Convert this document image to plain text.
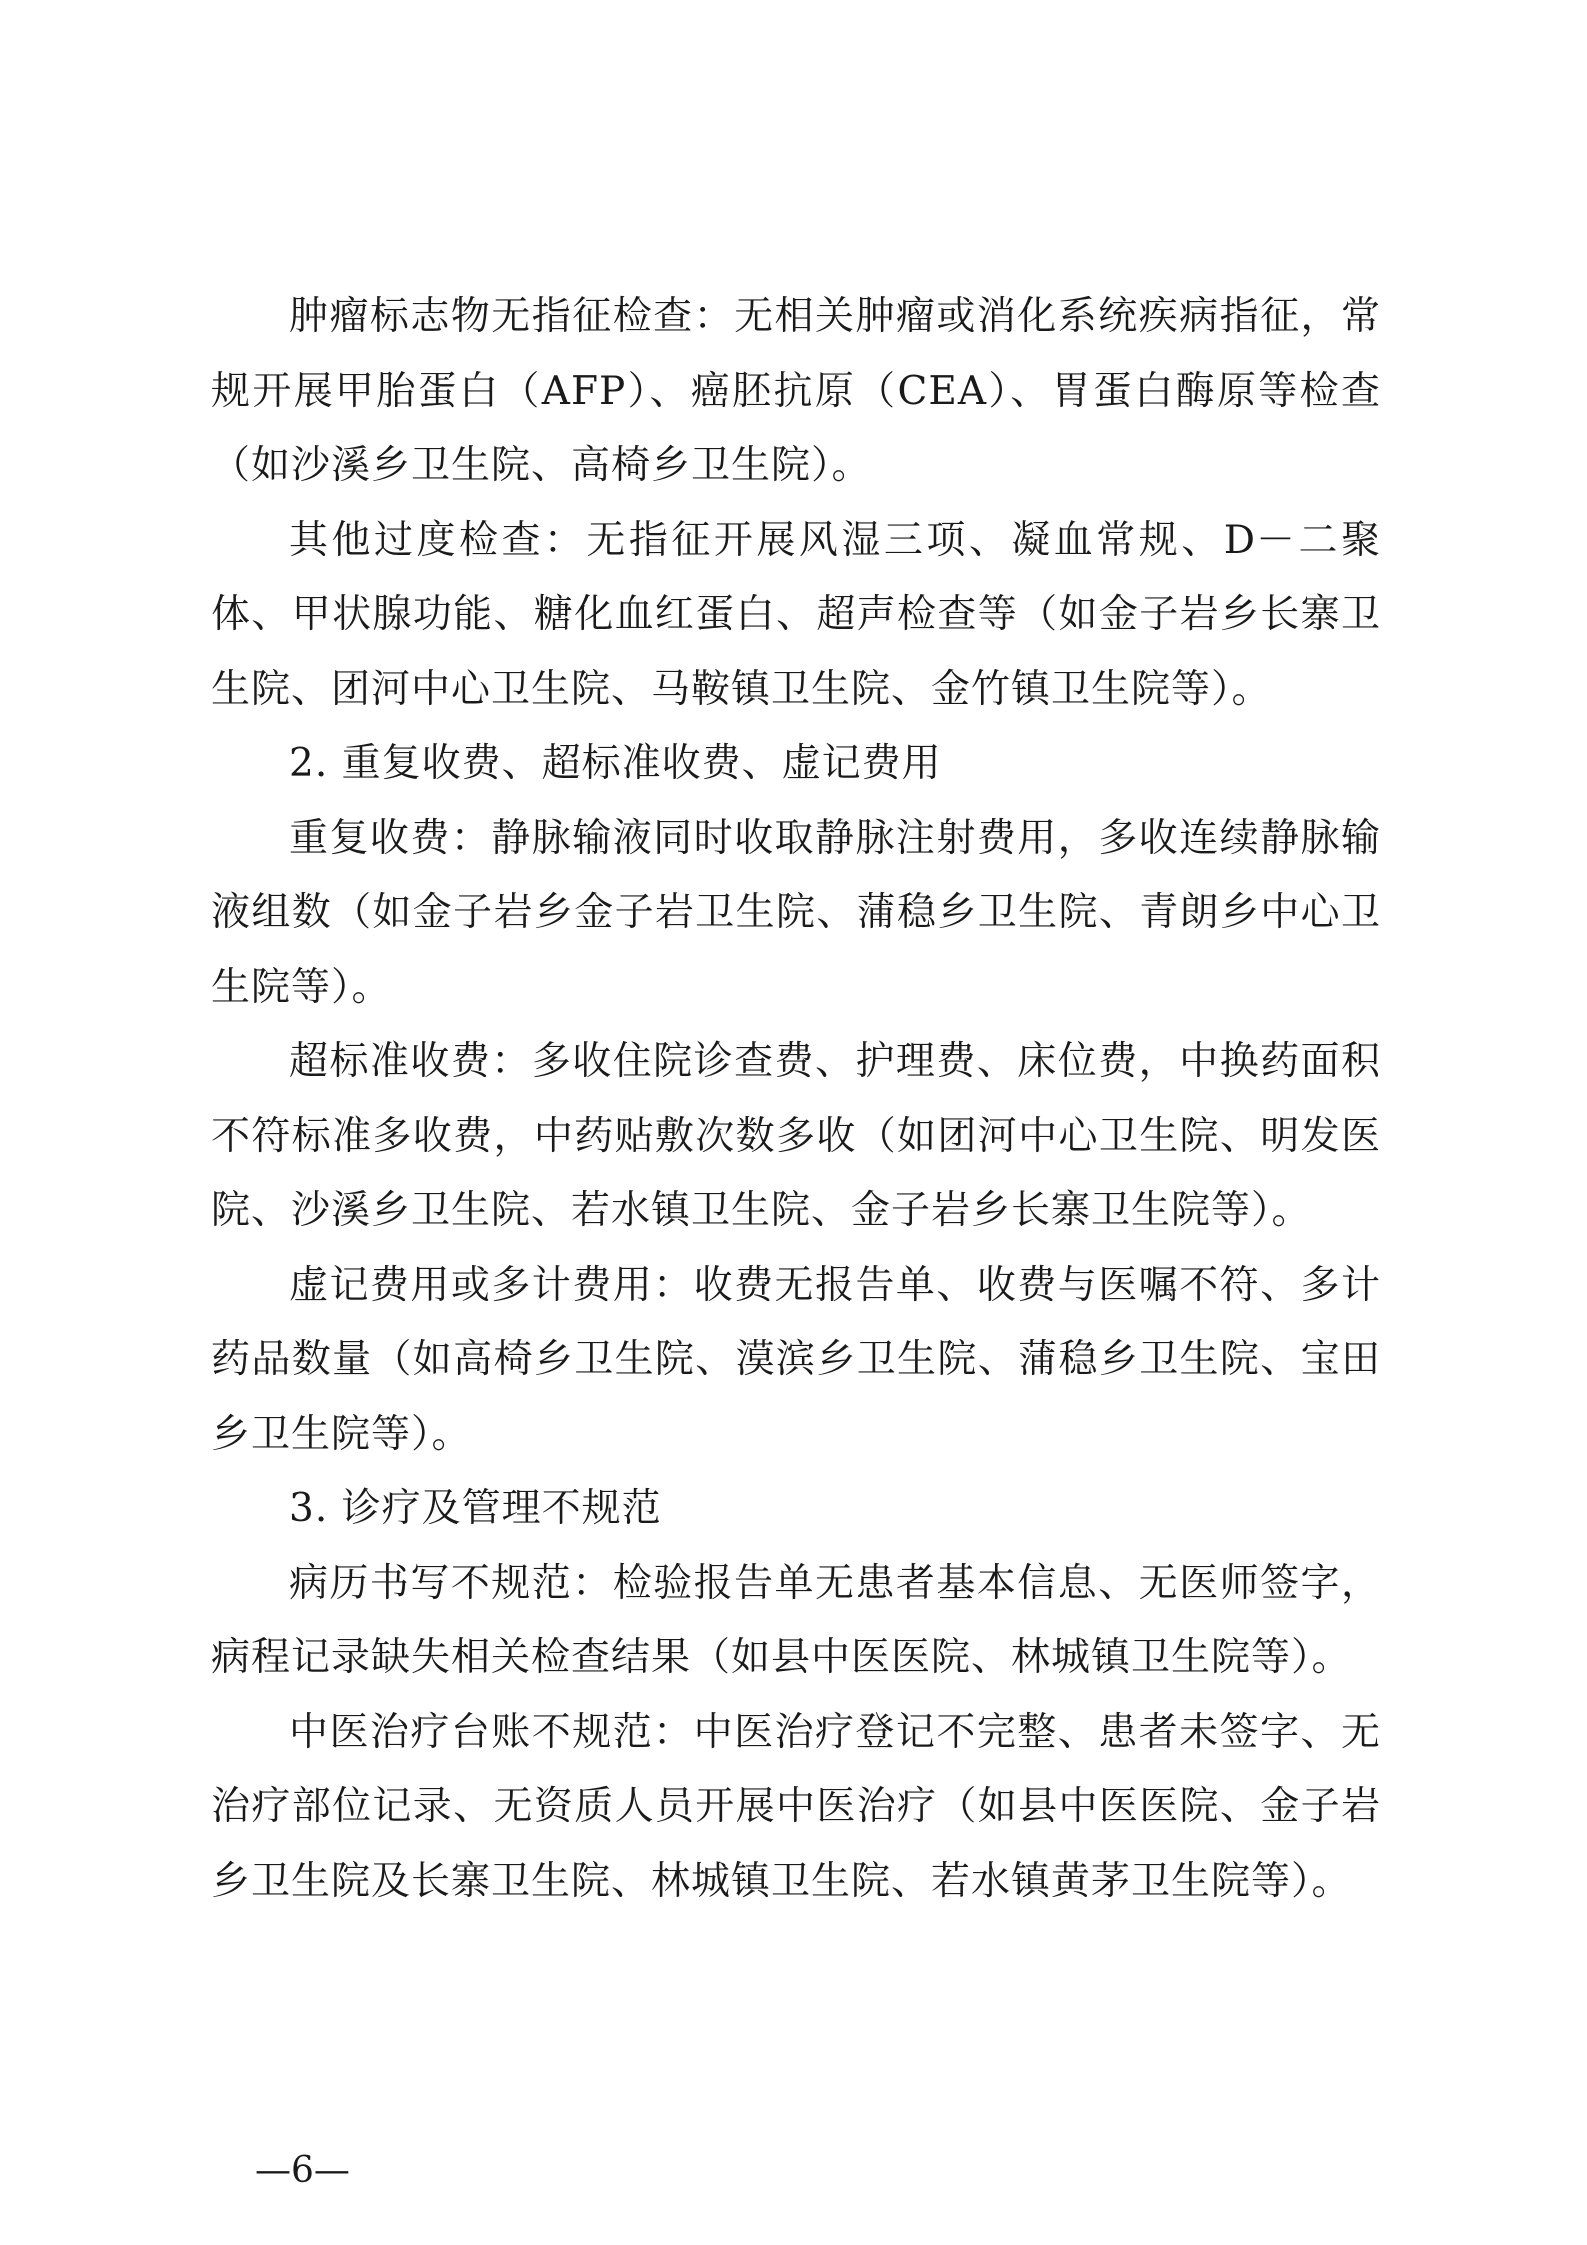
肿瘤标志物无指征检查：无相关肿瘤或消化系统疾病指征，常规开展甲胎蛋白（AFP）、癌胚抗原（CEA）、胃蛋白酶原等检查（如沙溪乡卫生院、高椅乡卫生院）。

其他过度检查：无指征开展风湿三项、凝血常规、D－二聚体、甲状腺功能、糖化血红蛋白、超声检查等（如金子岩乡长寨卫生院、团河中心卫生院、马鞍镇卫生院、金竹镇卫生院等）。

2. 重复收费、超标准收费、虚记费用

重复收费：静脉输液同时收取静脉注射费用，多收连续静脉输液组数（如金子岩乡金子岩卫生院、蒲稳乡卫生院、青朗乡中心卫生院等）。

超标准收费：多收住院诊查费、护理费、床位费，中换药面积不符标准多收费，中药贴敷次数多收（如团河中心卫生院、明发医院、沙溪乡卫生院、若水镇卫生院、金子岩乡长寨卫生院等）。

虚记费用或多计费用：收费无报告单、收费与医嘱不符、多计药品数量（如高椅乡卫生院、漠滨乡卫生院、蒲稳乡卫生院、宝田乡卫生院等）。

3. 诊疗及管理不规范

病历书写不规范：检验报告单无患者基本信息、无医师签字，病程记录缺失相关检查结果（如县中医医院、林城镇卫生院等）。

中医治疗台账不规范：中医治疗登记不完整、患者未签字、无治疗部位记录、无资质人员开展中医治疗（如县中医医院、金子岩乡卫生院及长寨卫生院、林城镇卫生院、若水镇黄茅卫生院等）。

—6—
